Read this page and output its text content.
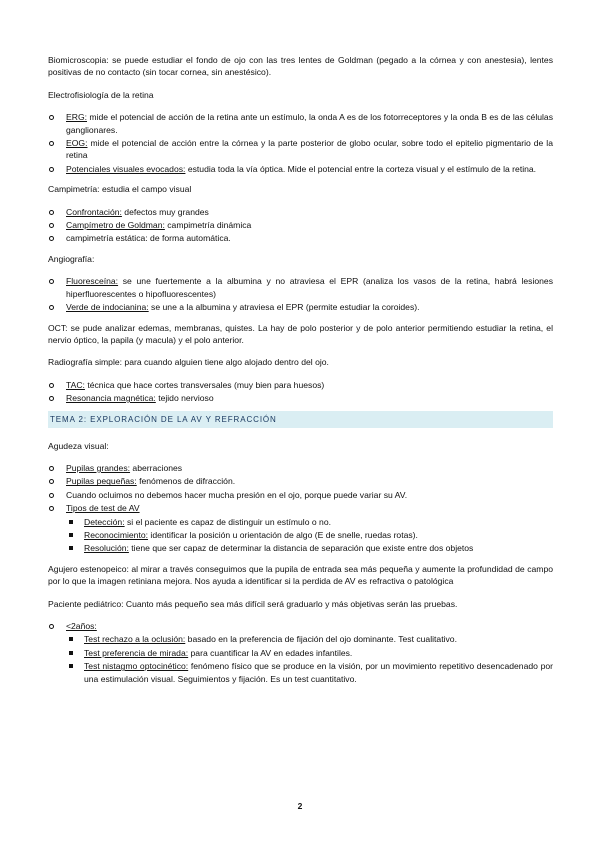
Biomicroscopia: se puede estudiar el fondo de ojo con las tres lentes de Goldman (pegado a la córnea y con anestesia), lentes positivas de no contacto (sin tocar cornea, sin anestésico).

Electrofisiología de la retina

ERG: mide el potencial de acción de la retina ante un estímulo, la onda A es de los fotorreceptores y la onda B es de las células ganglionares.
EOG: mide el potencial de acción entre la córnea y la parte posterior de globo ocular, sobre todo el epitelio pigmentario de la retina
Potenciales visuales evocados: estudia toda la vía óptica. Mide el potencial entre la corteza visual y el estímulo de la retina.

Campimetría: estudia el campo visual

Confrontación: defectos muy grandes
Campímetro de Goldman: campimetría dinámica
campimetría estática: de forma automática.

Angiografía:

Fluoresceína: se une fuertemente a la albumina y no atraviesa el EPR (analiza los vasos de la retina, habrá lesiones hiperfluorescentes o hipofluorescentes)
Verde de indocianina: se une a la albumina y atraviesa el EPR (permite estudiar la coroides).

OCT: se pude analizar edemas, membranas, quistes. La hay de polo posterior y de polo anterior permitiendo estudiar la retina, el nervio óptico, la papila (y macula) y el polo anterior.

Radiografía simple: para cuando alguien tiene algo alojado dentro del ojo.

TAC: técnica que hace cortes transversales (muy bien para huesos)
Resonancia magnética: tejido nervioso
TEMA 2: EXPLORACIÓN DE LA AV Y REFRACCIÓN

Agudeza visual:

Pupilas grandes: aberraciones
Pupilas pequeñas: fenómenos de difracción.
Cuando ocluimos no debemos hacer mucha presión en el ojo, porque puede variar su AV.
Tipos de test de AV
Detección: si el paciente es capaz de distinguir un estímulo o no.
Reconocimiento: identificar la posición u orientación de algo (E de snelle, ruedas rotas).
Resolución: tiene que ser capaz de determinar la distancia de separación que existe entre dos objetos

Agujero estenopeico: al mirar a través conseguimos que la pupila de entrada sea más pequeña y aumente la profundidad de campo por lo que la imagen retiniana mejora. Nos ayuda a identificar si la perdida de AV es refractiva o patológica

Paciente pediátrico: Cuanto más pequeño sea más difícil será graduarlo y más objetivas serán las pruebas.

<2años:
Test rechazo a la oclusión: basado en la preferencia de fijación del ojo dominante. Test cualitativo.
Test preferencia de mirada: para cuantificar la AV en edades infantiles.
Test nistagmo optocinético: fenómeno físico que se produce en la visión, por un movimiento repetitivo desencadenado por una estimulación visual. Seguimientos y fijación. Es un test cuantitativo.
2
